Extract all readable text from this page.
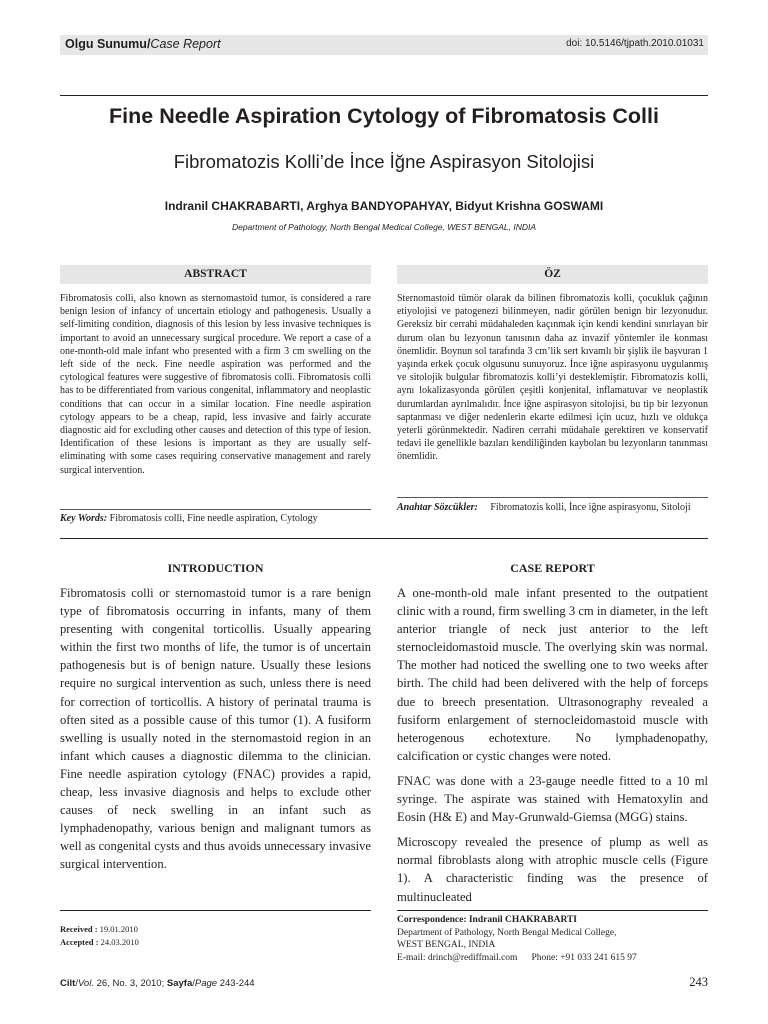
Olgu Sunumu/Case Report	doi: 10.5146/tjpath.2010.01031
Fine Needle Aspiration Cytology of Fibromatosis Colli
Fibromatozis Kolli’de İnce İğne Aspirasyon Sitolojisi
Indranil CHAKRABARTI, Arghya BANDYOPAHYAY, Bidyut Krishna GOSWAMI
Department of Pathology, North Bengal Medical College, WEST BENGAL, INDIA
ABSTRACT	ÖZ
Fibromatosis colli, also known as sternomastoid tumor, is considered a rare benign lesion of infancy of uncertain etiology and pathogenesis. Usually a self-limiting condition, diagnosis of this lesion by less invasive techniques is important to avoid an unnecessary surgical procedure. We report a case of a one-month-old male infant who presented with a firm 3 cm swelling on the left side of the neck. Fine needle aspiration was performed and the cytological features were suggestive of fibromatosis colli. Fibromatosis colli has to be differentiated from various congenital, inflammatory and neoplastic conditions that can occur in a similar location. Fine needle aspiration cytology appears to be a cheap, rapid, less invasive and fairly accurate diagnostic aid for excluding other causes and detection of this type of lesion. Identification of these lesions is important as they are usually self-eliminating with some cases requiring conservative management and rarely surgical intervention.
Sternomastoid tümör olarak da bilinen fibromatozis kolli, çocukluk çağının etiyolojisi ve patogenezi bilinmeyen, nadir görülen benign bir lezyonudur. Gereksiz bir cerrahi müdahaleden kaçınmak için kendi kendini sınırlayan bir durum olan bu lezyonun tanısının daha az invazif yöntemler ile konması önemlidir. Boynun sol tarafında 3 cm’lik sert kıvamlı bir şişlik ile başvuran 1 yaşında erkek çocuk olgusunu sunuyoruz. İnce iğne aspirasyonu uygulanmış ve sitolojik bulgular fibromatozis kolli’yi desteklemiştir. Fibromatozis kolli, aynı lokalizasyonda görülen çeşitli konjenital, inflamatuvar ve neoplastik durumlardan ayrılmalıdır. İnce iğne aspirasyon sitolojisi, bu tip bir lezyonun saptanması ve diğer nedenlerin ekarte edilmesi için ucuz, hızlı ve oldukça yeterli görünmektedir. Nadiren cerrahi müdahale gerektiren ve konservatif tedavi ile genellikle bazıları kendiliğinden kaybolan bu lezyonların tanınması önemlidir.
Key Words: Fibromatosis colli, Fine needle aspiration, Cytology
Anahtar Sözcükler: Fibromatozis kolli, İnce iğne aspirasyonu, Sitoloji
INTRODUCTION	CASE REPORT

Fibromatosis colli or sternomastoid tumor is a rare benign type of fibromatosis occurring in infants, many of them presenting with congenital torticollis. Usually appearing within the first two months of life, the tumor is of uncertain pathogenesis but is of benign nature. Usually these lesions require no surgical intervention as such, unless there is need for correction of torticollis. A history of perinatal trauma is often sited as a possible cause of this tumor (1). A fusiform swelling is usually noted in the sternomastoid region in an infant which causes a diagnostic dilemma to the clinician. Fine needle aspiration cytology (FNAC) provides a rapid, cheap, less invasive diagnosis and helps to exclude other causes of neck swelling in an infant such as lymphadenopathy, various benign and malignant tumors as well as congenital cysts and thus avoids unnecessary invasive surgical intervention.

A one-month-old male infant presented to the outpatient clinic with a round, firm swelling 3 cm in diameter, in the left anterior triangle of neck just anterior to the left sternocleidomastoid muscle. The overlying skin was normal. The mother had noticed the swelling one to two weeks after birth. The child had been delivered with the help of forceps due to breech presentation. Ultrasonography revealed a fusiform enlargement of sternocleidomastoid muscle with heterogenous echotexture. No lymphadenopathy, calcification or cystic changes were noted.

FNAC was done with a 23-gauge needle fitted to a 10 ml syringe. The aspirate was stained with Hematoxylin and Eosin (H& E) and May-Grunwald-Giemsa (MGG) stains.

Microscopy revealed the presence of plump as well as normal fibroblasts along with atrophic muscle cells (Figure 1). A characteristic finding was the presence of multinucleated

Received : 19.01.2010
Accepted : 24.03.2010
Correspondence: Indranil CHAKRABARTI
Department of Pathology, North Bengal Medical College,
WEST BENGAL, INDIA
E-mail: drinch@rediffmail.com Phone: +91 033 241 615 97
Cilt/Vol. 26, No. 3, 2010; Sayfa/Page 243-244	243
